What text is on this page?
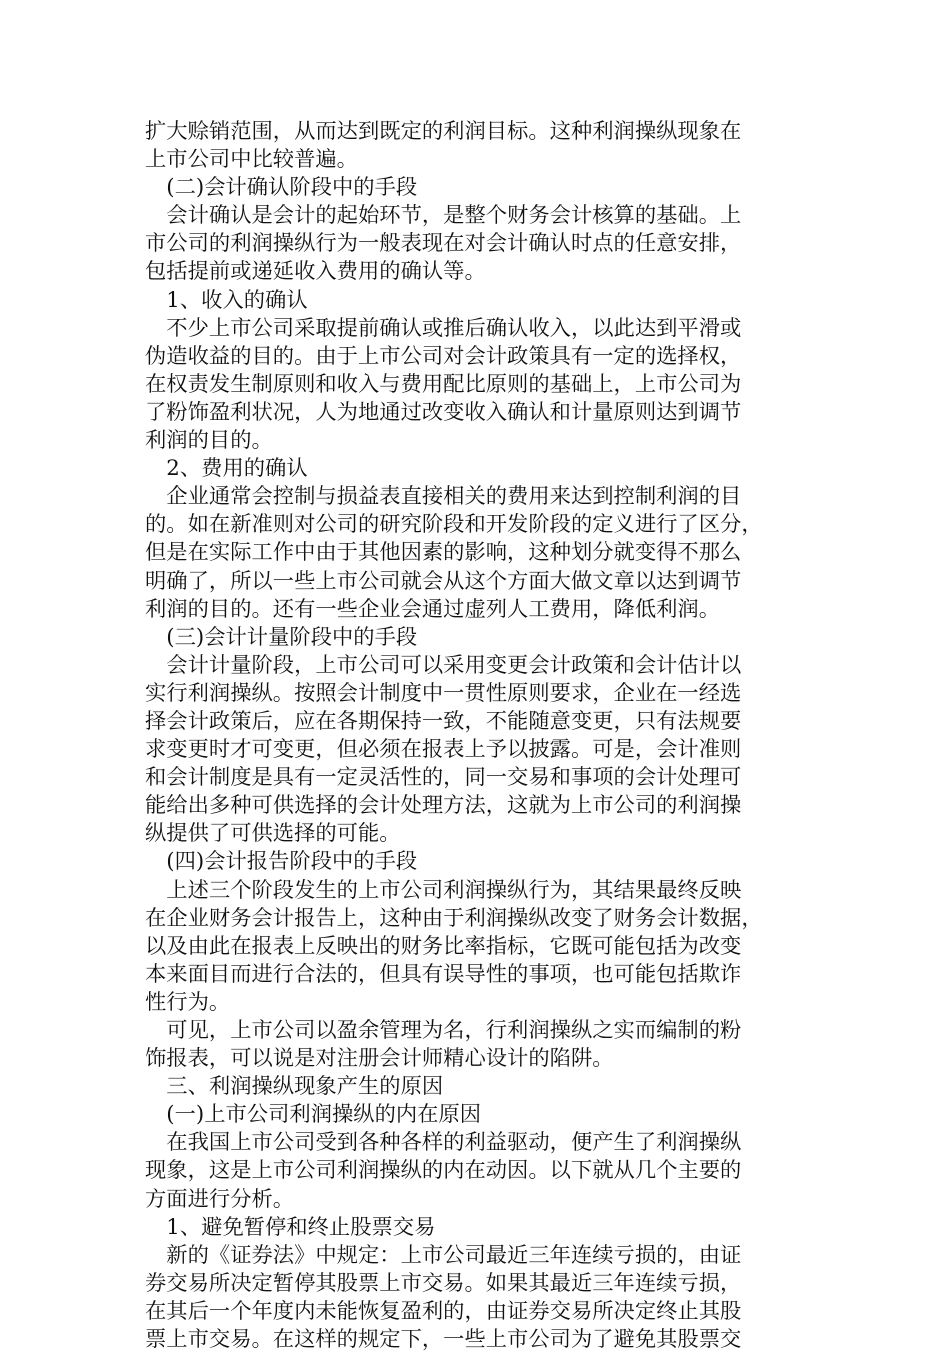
扩大赊销范围，从而达到既定的利润目标。这种利润操纵现象在
上市公司中比较普遍。
　(二)会计确认阶段中的手段
　会计确认是会计的起始环节，是整个财务会计核算的基础。上
市公司的利润操纵行为一般表现在对会计确认时点的任意安排，
包括提前或递延收入费用的确认等。
　1、收入的确认
　不少上市公司采取提前确认或推后确认收入，以此达到平滑或
伪造收益的目的。由于上市公司对会计政策具有一定的选择权，
在权责发生制原则和收入与费用配比原则的基础上，上市公司为
了粉饰盈利状况，人为地通过改变收入确认和计量原则达到调节
利润的目的。
　2、费用的确认
　企业通常会控制与损益表直接相关的费用来达到控制利润的目
的。如在新准则对公司的研究阶段和开发阶段的定义进行了区分，
但是在实际工作中由于其他因素的影响，这种划分就变得不那么
明确了，所以一些上市公司就会从这个方面大做文章以达到调节
利润的目的。还有一些企业会通过虚列人工费用，降低利润。
　(三)会计计量阶段中的手段
　会计计量阶段，上市公司可以采用变更会计政策和会计估计以
实行利润操纵。按照会计制度中一贯性原则要求，企业在一经选
择会计政策后，应在各期保持一致，不能随意变更，只有法规要
求变更时才可变更，但必须在报表上予以披露。可是，会计准则
和会计制度是具有一定灵活性的，同一交易和事项的会计处理可
能给出多种可供选择的会计处理方法，这就为上市公司的利润操
纵提供了可供选择的可能。
　(四)会计报告阶段中的手段
　上述三个阶段发生的上市公司利润操纵行为，其结果最终反映
在企业财务会计报告上，这种由于利润操纵改变了财务会计数据，
以及由此在报表上反映出的财务比率指标，它既可能包括为改变
本来面目而进行合法的，但具有误导性的事项，也可能包括欺诈
性行为。
　可见，上市公司以盈余管理为名，行利润操纵之实而编制的粉
饰报表，可以说是对注册会计师精心设计的陷阱。
　三、利润操纵现象产生的原因
　(一)上市公司利润操纵的内在原因
　在我国上市公司受到各种各样的利益驱动，便产生了利润操纵
现象，这是上市公司利润操纵的内在动因。以下就从几个主要的
方面进行分析。
　1、避免暂停和终止股票交易
　新的《证券法》中规定：上市公司最近三年连续亏损的，由证
券交易所决定暂停其股票上市交易。如果其最近三年连续亏损，
在其后一个年度内未能恢复盈利的，由证券交易所决定终止其股
票上市交易。在这样的规定下，一些上市公司为了避免其股票交
